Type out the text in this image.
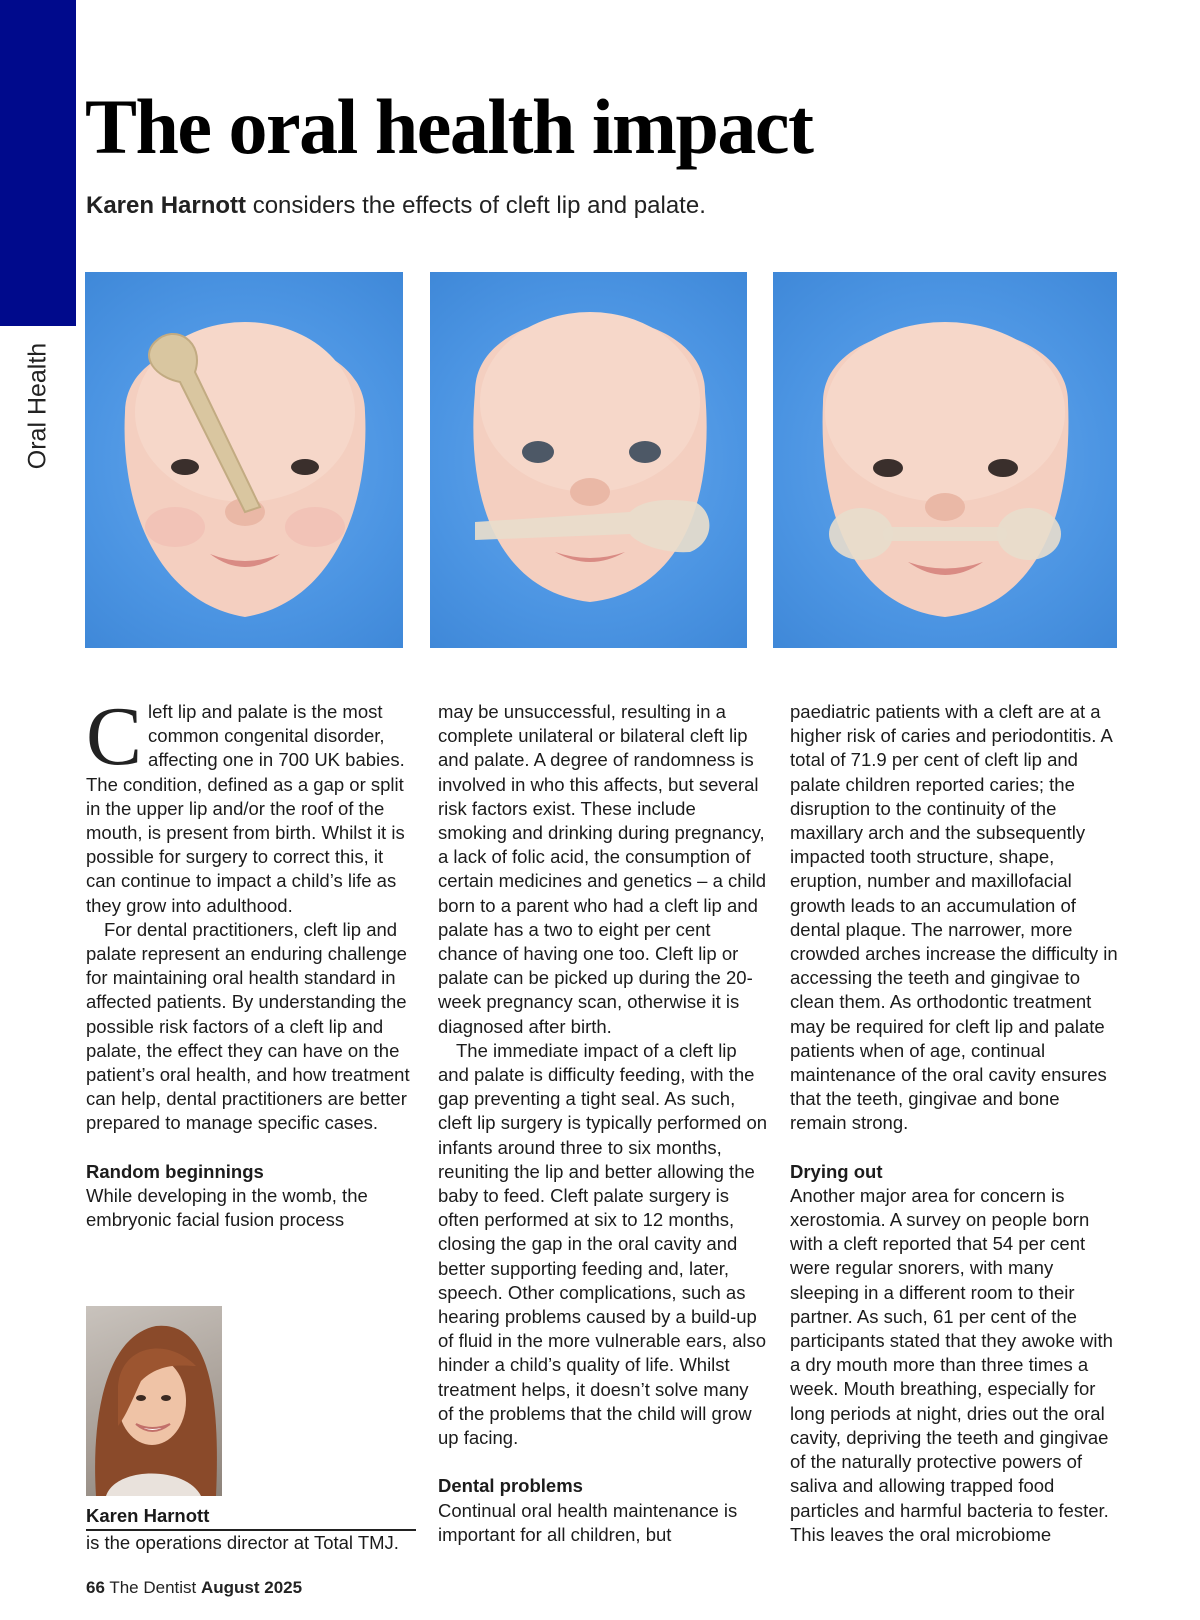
Oral Health
The oral health impact

Karen Harnott considers the effects of cleft lip and palate.

Cleft lip and palate is the most common congenital disorder, affecting one in 700 UK babies. The condition, defined as a gap or split in the upper lip and/or the roof of the mouth, is present from birth. Whilst it is possible for surgery to correct this, it can continue to impact a child’s life as they grow into adulthood.

For dental practitioners, cleft lip and palate represent an enduring challenge for maintaining oral health standard in affected patients. By understanding the possible risk factors of a cleft lip and palate, the effect they can have on the patient’s oral health, and how treatment can help, dental practitioners are better prepared to manage specific cases.

Random beginnings

While developing in the womb, the embryonic facial fusion process

may be unsuccessful, resulting in a complete unilateral or bilateral cleft lip and palate. A degree of randomness is involved in who this affects, but several risk factors exist. These include smoking and drinking during pregnancy, a lack of folic acid, the consumption of certain medicines and genetics – a child born to a parent who had a cleft lip and palate has a two to eight per cent chance of having one too. Cleft lip or palate can be picked up during the 20-week pregnancy scan, otherwise it is diagnosed after birth.

The immediate impact of a cleft lip and palate is difficulty feeding, with the gap preventing a tight seal. As such, cleft lip surgery is typically performed on infants around three to six months, reuniting the lip and better allowing the baby to feed. Cleft palate surgery is often performed at six to 12 months, closing the gap in the oral cavity and better supporting feeding and, later, speech. Other complications, such as hearing problems caused by a build-up of fluid in the more vulnerable ears, also hinder a child’s quality of life. Whilst treatment helps, it doesn’t solve many of the problems that the child will grow up facing.

Dental problems

Continual oral health maintenance is important for all children, but

paediatric patients with a cleft are at a higher risk of caries and periodontitis. A total of 71.9 per cent of cleft lip and palate children reported caries; the disruption to the continuity of the maxillary arch and the subsequently impacted tooth structure, shape, eruption, number and maxillofacial growth leads to an accumulation of dental plaque. The narrower, more crowded arches increase the difficulty in accessing the teeth and gingivae to clean them. As orthodontic treatment may be required for cleft lip and palate patients when of age, continual maintenance of the oral cavity ensures that the teeth, gingivae and bone remain strong.

Drying out

Another major area for concern is xerostomia. A survey on people born with a cleft reported that 54 per cent were regular snorers, with many sleeping in a different room to their partner. As such, 61 per cent of the participants stated that they awoke with a dry mouth more than three times a week. Mouth breathing, especially for long periods at night, dries out the oral cavity, depriving the teeth and gingivae of the naturally protective powers of saliva and allowing trapped food particles and harmful bacteria to fester. This leaves the oral microbiome

Karen Harnott
is the operations director at Total TMJ.
66 The Dentist August 2025
